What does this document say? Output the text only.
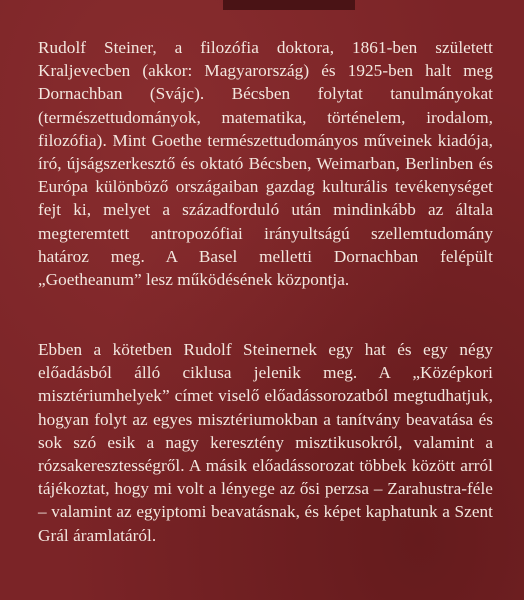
Rudolf Steiner, a filozófia doktora, 1861-ben született Kraljevecben (akkor: Magyarország) és 1925-ben halt meg Dornachban (Svájc). Bécsben folytat tanulmányokat (természettudományok, matematika, történelem, irodalom, filozófia). Mint Goethe természettudományos műveinek kiadója, író, újságszerkesztő és oktató Bécsben, Weimarban, Berlinben és Európa különböző országaiban gazdag kulturális tevékenységet fejt ki, melyet a századforduló után mindinkább az általa megteremtett antropozófiai irányultságú szellemtudomány határoz meg. A Basel melletti Dornachban felépült „Goetheanum” lesz működésének központja.

Ebben a kötetben Rudolf Steinernek egy hat és egy négy előadásból álló ciklusa jelenik meg. A „Középkori misztériumhelyek” címet viselő előadássorozatból megtudhatjuk, hogyan folyt az egyes misztériumokban a tanítvány beavatása és sok szó esik a nagy keresztény misztikusokról, valamint a rózsakeresztességről. A másik előadássorozat többek között arról tájékoztat, hogy mi volt a lényege az ősi perzsa – Zarahustra-féle – valamint az egyiptomi beavatásnak, és képet kaphatunk a Szent Grál áramlatáról.
